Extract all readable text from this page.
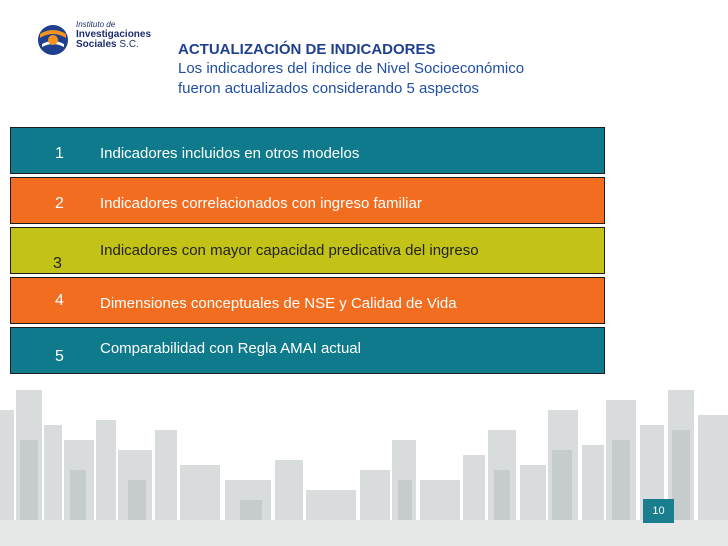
Instituto de
Investigaciones
Sociales S.C.	ACTUALIZACIÓN DE INDICADORES
Los indicadores del índice de Nivel Socioeconómico
fueron actualizados considerando 5 aspectos
1 Indicadores incluidos en otros modelos
2 Indicadores correlacionados con ingreso familiar
3
Indicadores con mayor capacidad predicativa del ingreso
4 Dimensiones conceptuales de NSE y Calidad de Vida
5 Comparabilidad con Regla AMAI actual
10
